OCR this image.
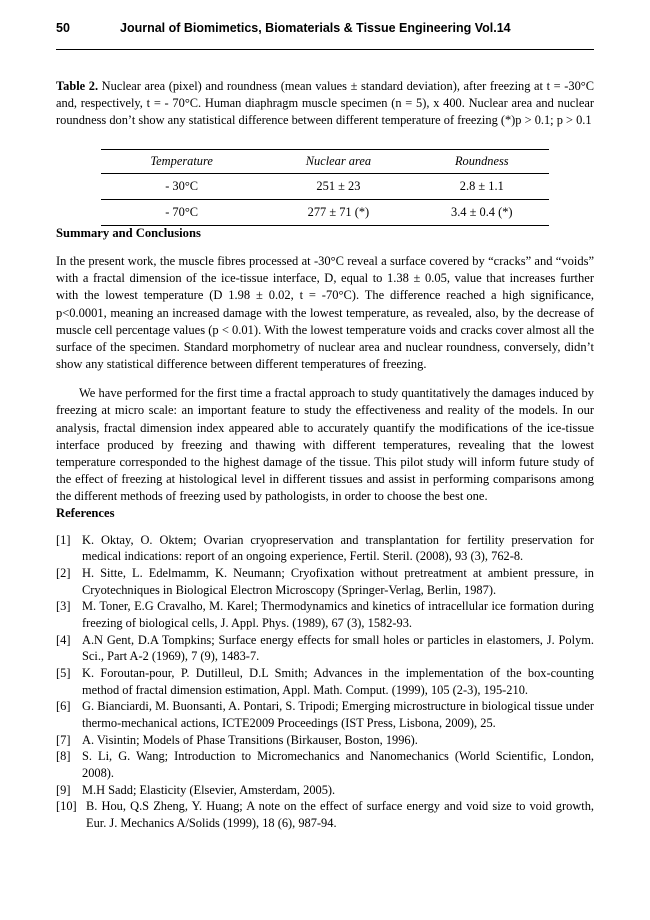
50	Journal of Biomimetics, Biomaterials & Tissue Engineering Vol.14

Table 2. Nuclear area (pixel) and roundness (mean values ± standard deviation), after freezing at t = -30°C and, respectively, t = - 70°C. Human diaphragm muscle specimen (n = 5), x 400. Nuclear area and nuclear roundness don’t show any statistical difference between different temperature of freezing (*)p > 0.1; p > 0.1

Temperature	Nuclear area	Roundness
- 30°C	251 ± 23	2.8 ± 1.1
- 70°C	277 ± 71 (*)	3.4 ± 0.4 (*)
Summary and Conclusions

In the present work, the muscle fibres processed at -30°C reveal a surface covered by “cracks” and “voids” with a fractal dimension of the ice-tissue interface, D, equal to 1.38 ± 0.05, value that increases further with the lowest temperature (D 1.98 ± 0.02, t = -70°C). The difference reached a high significance, p<0.0001, meaning an increased damage with the lowest temperature, as revealed, also, by the decrease of muscle cell percentage values (p < 0.01). With the lowest temperature voids and cracks cover almost all the surface of the specimen. Standard morphometry of nuclear area and nuclear roundness, conversely, didn’t show any statistical difference between different temperatures of freezing.

We have performed for the first time a fractal approach to study quantitatively the damages induced by freezing at micro scale: an important feature to study the effectiveness and reality of the models. In our analysis, fractal dimension index appeared able to accurately quantify the modifications of the ice-tissue interface produced by freezing and thawing with different temperatures, revealing that the lowest temperature corresponded to the highest damage of the tissue. This pilot study will inform future study of the effect of freezing at histological level in different tissues and assist in performing comparisons among the different methods of freezing used by pathologists, in order to choose the best one.

References
[1] K. Oktay, O. Oktem; Ovarian cryopreservation and transplantation for fertility preservation for medical indications: report of an ongoing experience, Fertil. Steril. (2008), 93 (3), 762-8.
[2] H. Sitte, L. Edelmamm, K. Neumann; Cryofixation without pretreatment at ambient pressure, in Cryotechniques in Biological Electron Microscopy (Springer-Verlag, Berlin, 1987).
[3] M. Toner, E.G Cravalho, M. Karel; Thermodynamics and kinetics of intracellular ice formation during freezing of biological cells, J. Appl. Phys. (1989), 67 (3), 1582-93.
[4] A.N Gent, D.A Tompkins; Surface energy effects for small holes or particles in elastomers, J. Polym. Sci., Part A-2 (1969), 7 (9), 1483-7.
[5] K. Foroutan-pour, P. Dutilleul, D.L Smith; Advances in the implementation of the box-counting method of fractal dimension estimation, Appl. Math. Comput. (1999), 105 (2-3), 195-210.
[6] G. Bianciardi, M. Buonsanti, A. Pontari, S. Tripodi; Emerging microstructure in biological tissue under thermo-mechanical actions, ICTE2009 Proceedings (IST Press, Lisbona, 2009), 25.
[7] A. Visintin; Models of Phase Transitions (Birkauser, Boston, 1996).
[8] S. Li, G. Wang; Introduction to Micromechanics and Nanomechanics (World Scientific, London, 2008).
[9] M.H Sadd; Elasticity (Elsevier, Amsterdam, 2005).
[10] B. Hou, Q.S Zheng, Y. Huang; A note on the effect of surface energy and void size to void growth, Eur. J. Mechanics A/Solids (1999), 18 (6), 987-94.
